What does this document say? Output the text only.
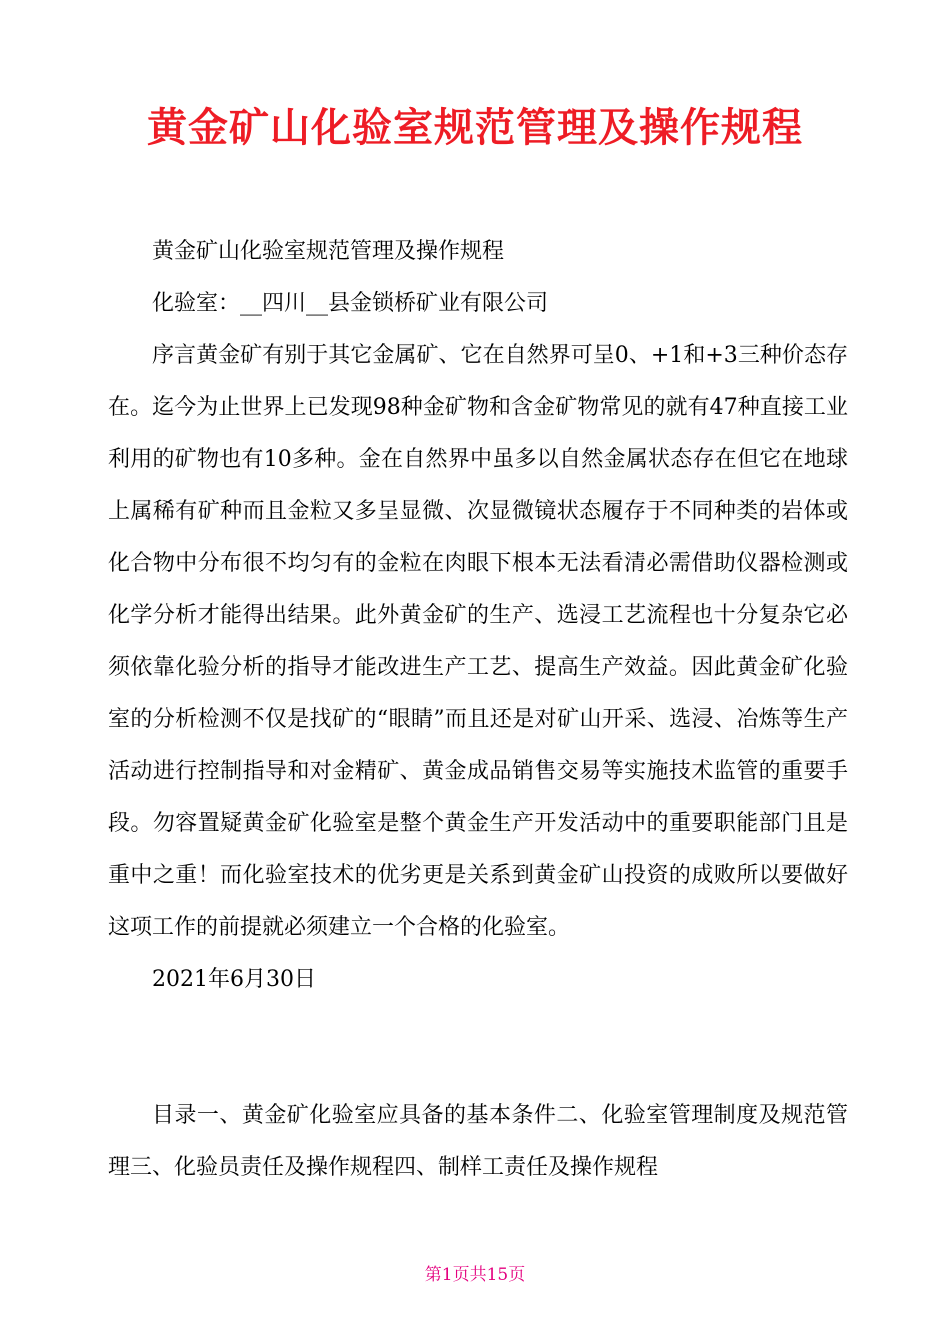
黄金矿山化验室规范管理及操作规程

黄金矿山化验室规范管理及操作规程

化验室：__四川__县金锁桥矿业有限公司

序言黄金矿有别于其它金属矿、它在自然界可呈0、+1和+3三种价态存在。迄今为止世界上已发现98种金矿物和含金矿物常见的就有47种直接工业利用的矿物也有10多种。金在自然界中虽多以自然金属状态存在但它在地球上属稀有矿种而且金粒又多呈显微、次显微镜状态履存于不同种类的岩体或化合物中分布很不均匀有的金粒在肉眼下根本无法看清必需借助仪器检测或化学分析才能得出结果。此外黄金矿的生产、选浸工艺流程也十分复杂它必须依靠化验分析的指导才能改进生产工艺、提高生产效益。因此黄金矿化验室的分析检测不仅是找矿的“眼睛”而且还是对矿山开采、选浸、冶炼等生产活动进行控制指导和对金精矿、黄金成品销售交易等实施技术监管的重要手段。勿容置疑黄金矿化验室是整个黄金生产开发活动中的重要职能部门且是重中之重！而化验室技术的优劣更是关系到黄金矿山投资的成败所以要做好这项工作的前提就必须建立一个合格的化验室。

2021年6月30日

目录一、黄金矿化验室应具备的基本条件二、化验室管理制度及规范管理三、化验员责任及操作规程四、制样工责任及操作规程

第1页共15页
